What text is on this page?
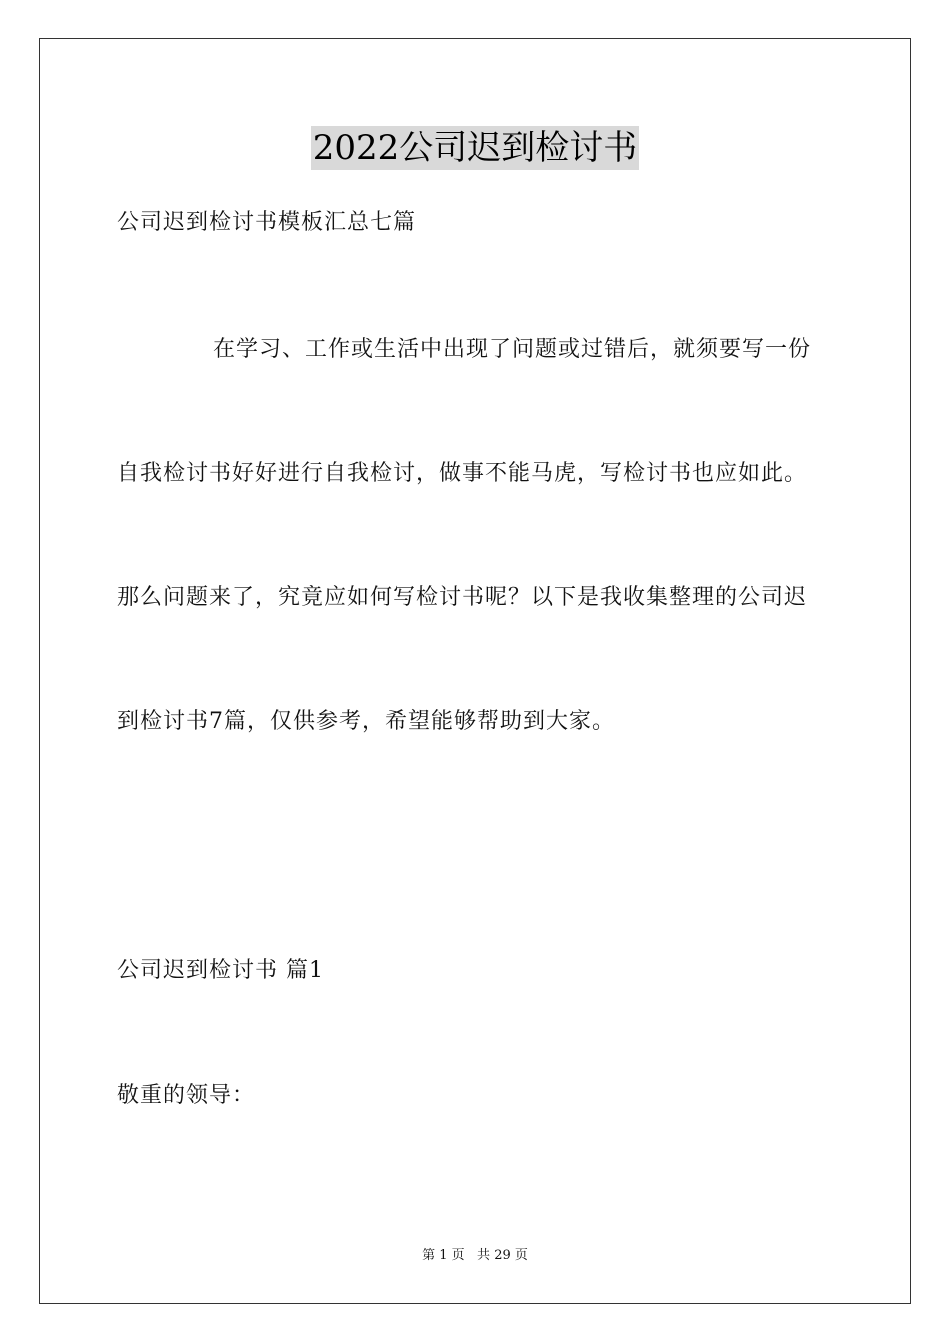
2022公司迟到检讨书
公司迟到检讨书模板汇总七篇
在学习、工作或生活中出现了问题或过错后，就须要写一份
自我检讨书好好进行自我检讨，做事不能马虎，写检讨书也应如此。
那么问题来了，究竟应如何写检讨书呢？以下是我收集整理的公司迟
到检讨书7篇，仅供参考，希望能够帮助到大家。
公司迟到检讨书 篇1
敬重的领导：
第 1 页   共 29 页
